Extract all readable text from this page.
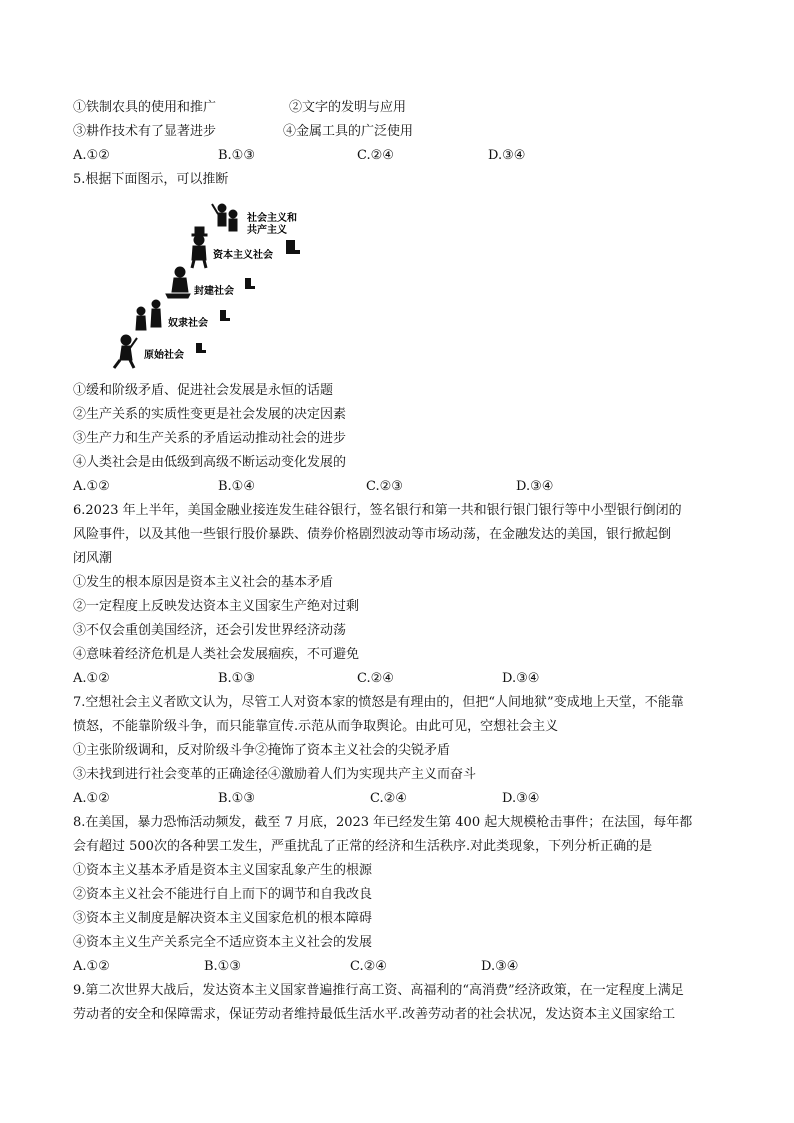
①铁制农具的使用和推广	②文字的发明与应用
③耕作技术有了显著进步	④金属工具的广泛使用
A.①②	B.①③	C.②④	D.③④
5.根据下面图示，可以推断
原始社会
奴隶社会
封建社会
资本主义社会
社会主义和
共产主义
①缓和阶级矛盾、促进社会发展是永恒的话题
②生产关系的实质性变更是社会发展的决定因素
③生产力和生产关系的矛盾运动推动社会的进步
④人类社会是由低级到高级不断运动变化发展的
A.①②	B.①④	C.②③	D.③④
6.2023 年上半年，美国金融业接连发生硅谷银行，签名银行和第一共和银行银门银行等中小型银行倒闭的
风险事件，以及其他一些银行股价暴跌、债券价格剧烈波动等市场动荡，在金融发达的美国，银行掀起倒
闭风潮
①发生的根本原因是资本主义社会的基本矛盾
②一定程度上反映发达资本主义国家生产绝对过剩
③不仅会重创美国经济，还会引发世界经济动荡
④意味着经济危机是人类社会发展痼疾，不可避免
A.①②	B.①③	C.②④	D.③④
7.空想社会主义者欧文认为，尽管工人对资本家的愤怒是有理由的，但把“人间地狱”变成地上天堂，不能靠
愤怒，不能靠阶级斗争，而只能靠宣传.示范从而争取舆论。由此可见，空想社会主义
①主张阶级调和，反对阶级斗争②掩饰了资本主义社会的尖锐矛盾
③未找到进行社会变革的正确途径④激励着人们为实现共产主义而奋斗
A.①②	B.①③	C.②④	D.③④
8.在美国，暴力恐怖活动频发，截至 7 月底，2023 年已经发生第 400 起大规模枪击事件；在法国，每年都
会有超过 500次的各种罢工发生，严重扰乱了正常的经济和生活秩序.对此类现象，下列分析正确的是
①资本主义基本矛盾是资本主义国家乱象产生的根源
②资本主义社会不能进行自上而下的调节和自我改良
③资本主义制度是解决资本主义国家危机的根本障碍
④资本主义生产关系完全不适应资本主义社会的发展
A.①②	B.①③	C.②④	D.③④
9.第二次世界大战后，发达资本主义国家普遍推行高工资、高福利的“高消费”经济政策，在一定程度上满足
劳动者的安全和保障需求，保证劳动者维持最低生活水平.改善劳动者的社会状况，发达资本主义国家给工
